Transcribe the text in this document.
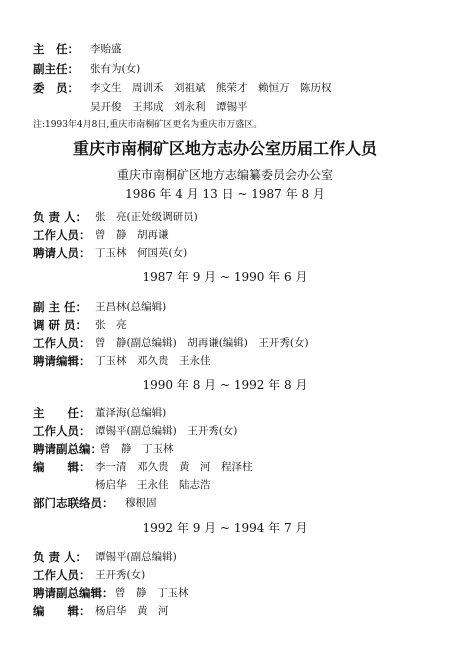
主　任： 李贻盛
副主任： 张有为(女)
委　员： 李文生　周训禾　刘祖斌　熊荣才　赖恒万　陈历权
吴开俊　王邦成　刘永利　谭锡平
注:1993年4月8日,重庆市南桐矿区更名为重庆市万盛区。
重庆市南桐矿区地方志办公室历届工作人员
重庆市南桐矿区地方志编纂委员会办公室
1986 年 4 月 13 日 ~ 1987 年 8 月
负 责 人： 张　亮(正处级调研员)
工作人员： 曾　静　胡再谦
聘请人员： 丁玉林　何国英(女)
1987 年 9 月 ~ 1990 年 6 月
副 主 任： 王昌林(总编辑)
调 研 员： 张　亮
工作人员： 曾　静(副总编辑)　胡再谦(编辑)　王开秀(女)
聘请编辑： 丁玉林　邓久贵　王永佳
1990 年 8 月 ~ 1992 年 8 月
主　　任： 董泽海(总编辑)
工作人员： 谭锡平(副总编辑)　王开秀(女)
聘请副总编：
曾　静　丁玉林
编　　辑： 李一清　邓久贵　黄　河　程泽柱
杨启华　王永佳　陆志浩
部门志联络员： 穆根固
1992 年 9 月 ~ 1994 年 7 月
负 责 人： 谭锡平(副总编辑)
工作人员： 王开秀(女)
聘请副总编辑： 曾　静　丁玉林
编　　辑： 杨启华　黄　河
